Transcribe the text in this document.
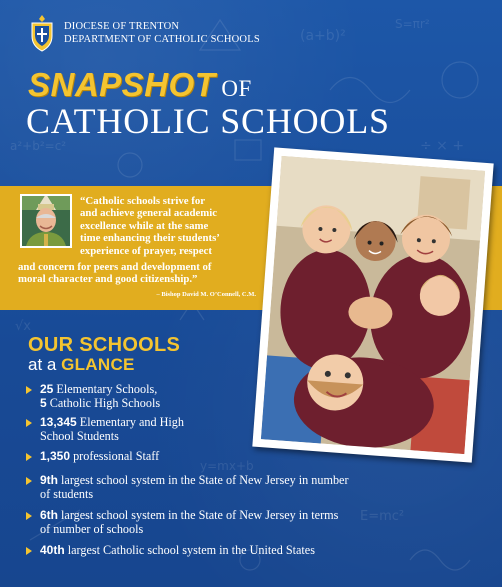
(a+b)²
S=πr²
a²+b²=c²	÷ × +
√x
y=mx+b
E=mc²
DIOCESE OF TRENTON
DEPARTMENT OF CATHOLIC SCHOOLS
SNAPSHOT OF
CATHOLIC SCHOOLS
“Catholic schools strive for
and achieve general academic
excellence while at the same
time enhancing their students’
experience of prayer, respect
and concern for peers and development of
moral character and good citizenship.”
– Bishop David M. O’Connell, C.M.
OUR SCHOOLS
at a GLANCE
25 Elementary Schools,
5 Catholic High Schools
13,345 Elementary and High
School Students
1,350 professional Staff
9th largest school system in the State of New Jersey in number
of students
6th largest school system in the State of New Jersey in terms
of number of schools
40th largest Catholic school system in the United States
